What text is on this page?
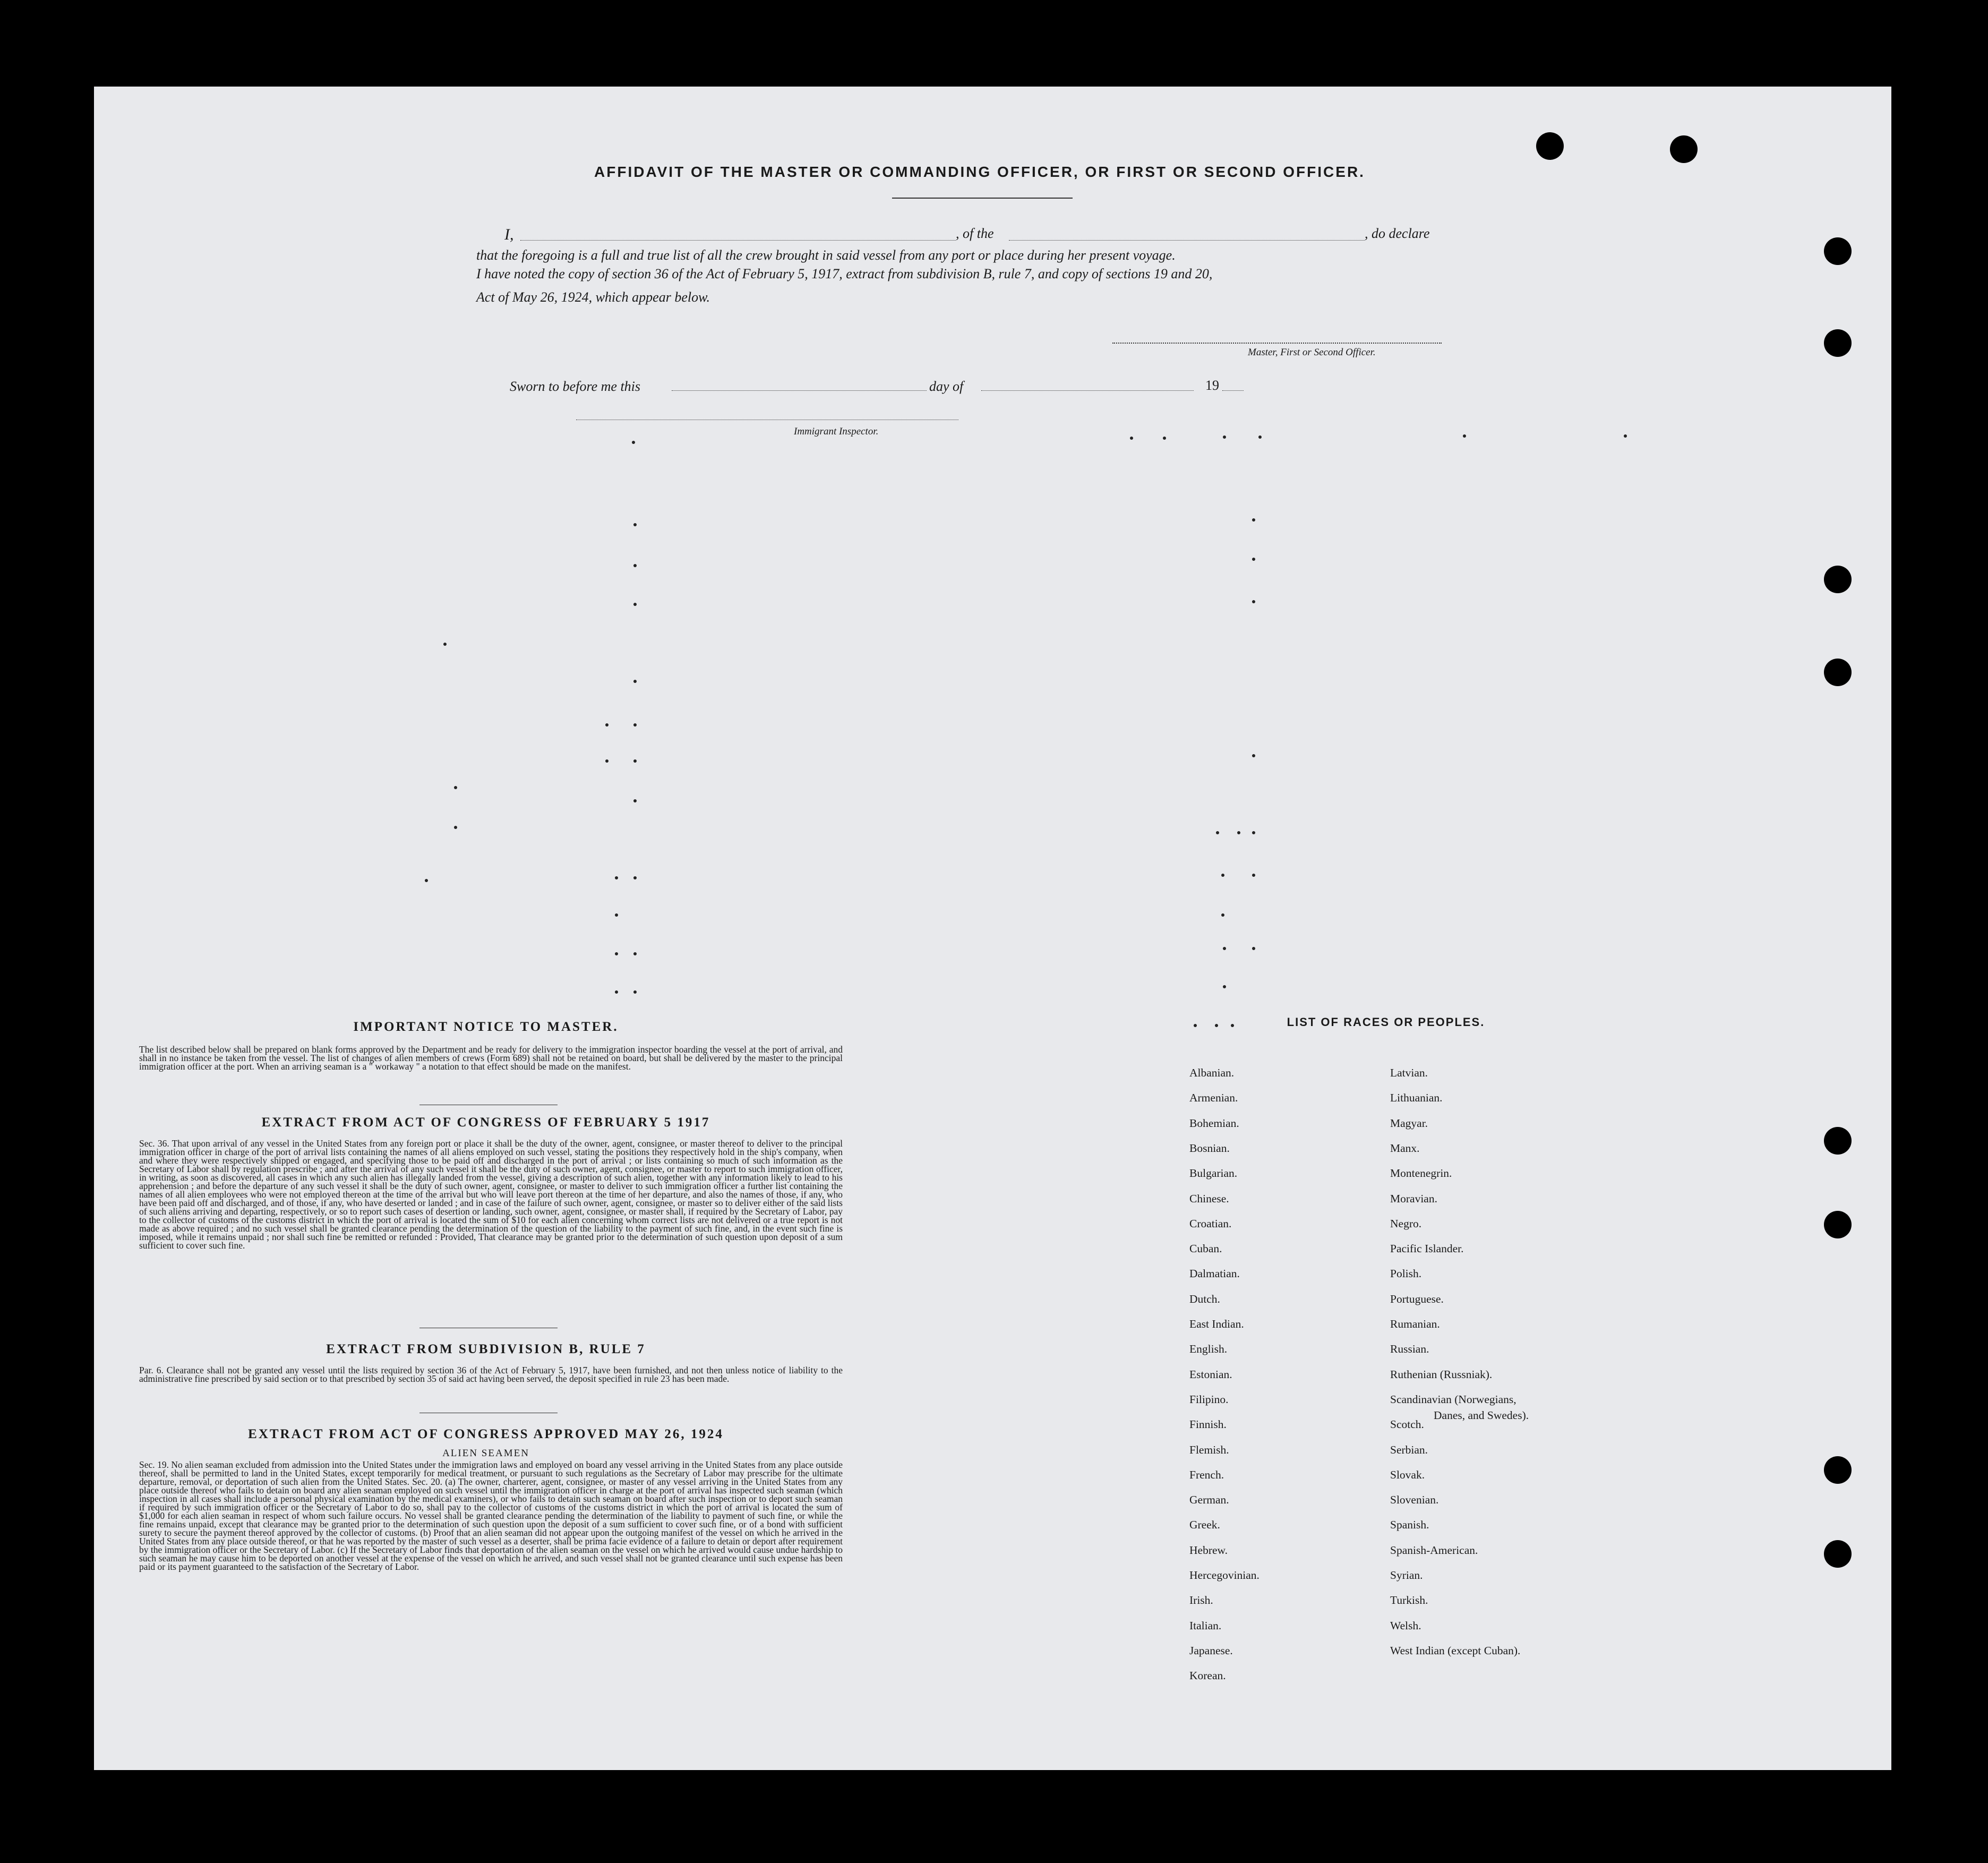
AFFIDAVIT OF THE MASTER OR COMMANDING OFFICER, OR FIRST OR SECOND OFFICER.
I,	, of the	, do declare
that the foregoing is a full and true list of all the crew brought in said vessel from any port or place during her present voyage.
I have noted the copy of section 36 of the Act of February 5, 1917, extract from subdivision B, rule 7, and copy of sections 19 and 20,
Act of May 26, 1924, which appear below.
Master, First or Second Officer.
Sworn to before me this	day of	19
Immigrant Inspector.
IMPORTANT NOTICE TO MASTER.
The list described below shall be prepared on blank forms approved by the Department and be ready for delivery to the immigration inspector boarding the vessel at the port of arrival, and shall in no instance be taken from the vessel. The list of changes of alien members of crews (Form 689) shall not be retained on board, but shall be delivered by the master to the principal immigration officer at the port. When an arriving seaman is a " workaway " a notation to that effect should be made on the manifest.
EXTRACT FROM ACT OF CONGRESS OF FEBRUARY 5 1917
Sec. 36. That upon arrival of any vessel in the United States from any foreign port or place it shall be the duty of the owner, agent, consignee, or master thereof to deliver to the principal immigration officer in charge of the port of arrival lists containing the names of all aliens employed on such vessel, stating the positions they respectively hold in the ship's company, when and where they were respectively shipped or engaged, and specifying those to be paid off and discharged in the port of arrival ; or lists containing so much of such information as the Secretary of Labor shall by regulation prescribe ; and after the arrival of any such vessel it shall be the duty of such owner, agent, consignee, or master to report to such immigration officer, in writing, as soon as discovered, all cases in which any such alien has illegally landed from the vessel, giving a description of such alien, together with any information likely to lead to his apprehension ; and before the departure of any such vessel it shall be the duty of such owner, agent, consignee, or master to deliver to such immigration officer a further list containing the names of all alien employees who were not employed thereon at the time of the arrival but who will leave port thereon at the time of her departure, and also the names of those, if any, who have been paid off and discharged, and of those, if any, who have deserted or landed ; and in case of the failure of such owner, agent, consignee, or master so to deliver either of the said lists of such aliens arriving and departing, respectively, or so to report such cases of desertion or landing, such owner, agent, consignee, or master shall, if required by the Secretary of Labor, pay to the collector of customs of the customs district in which the port of arrival is located the sum of $10 for each alien concerning whom correct lists are not delivered or a true report is not made as above required ; and no such vessel shall be granted clearance pending the determination of the question of the liability to the payment of such fine, and, in the event such fine is imposed, while it remains unpaid ; nor shall such fine be remitted or refunded : Provided, That clearance may be granted prior to the determination of such question upon deposit of a sum sufficient to cover such fine.
EXTRACT FROM SUBDIVISION B, RULE 7
Par. 6. Clearance shall not be granted any vessel until the lists required by section 36 of the Act of February 5, 1917, have been furnished, and not then unless notice of liability to the administrative fine prescribed by said section or to that prescribed by section 35 of said act having been served, the deposit specified in rule 23 has been made.
EXTRACT FROM ACT OF CONGRESS APPROVED MAY 26, 1924
ALIEN SEAMEN
Sec. 19. No alien seaman excluded from admission into the United States under the immigration laws and employed on board any vessel arriving in the United States from any place outside thereof, shall be permitted to land in the United States, except temporarily for medical treatment, or pursuant to such regulations as the Secretary of Labor may prescribe for the ultimate departure, removal, or deportation of such alien from the United States. Sec. 20. (a) The owner, charterer, agent, consignee, or master of any vessel arriving in the United States from any place outside thereof who fails to detain on board any alien seaman employed on such vessel until the immigration officer in charge at the port of arrival has inspected such seaman (which inspection in all cases shall include a personal physical examination by the medical examiners), or who fails to detain such seaman on board after such inspection or to deport such seaman if required by such immigration officer or the Secretary of Labor to do so, shall pay to the collector of customs of the customs district in which the port of arrival is located the sum of $1,000 for each alien seaman in respect of whom such failure occurs. No vessel shall be granted clearance pending the determination of the liability to payment of such fine, or while the fine remains unpaid, except that clearance may be granted prior to the determination of such question upon the deposit of a sum sufficient to cover such fine, or of a bond with sufficient surety to secure the payment thereof approved by the collector of customs. (b) Proof that an alien seaman did not appear upon the outgoing manifest of the vessel on which he arrived in the United States from any place outside thereof, or that he was reported by the master of such vessel as a deserter, shall be prima facie evidence of a failure to detain or deport after requirement by the immigration officer or the Secretary of Labor. (c) If the Secretary of Labor finds that deportation of the alien seaman on the vessel on which he arrived would cause undue hardship to such seaman he may cause him to be deported on another vessel at the expense of the vessel on which he arrived, and such vessel shall not be granted clearance until such expense has been paid or its payment guaranteed to the satisfaction of the Secretary of Labor.
LIST OF RACES OR PEOPLES.
Albanian.
Armenian.
Bohemian.
Bosnian.
Bulgarian.
Chinese.
Croatian.
Cuban.
Dalmatian.
Dutch.
East Indian.
English.
Estonian.
Filipino.
Finnish.
Flemish.
French.
German.
Greek.
Hebrew.
Hercegovinian.
Irish.
Italian.
Japanese.
Korean.
Latvian.
Lithuanian.
Magyar.
Manx.
Montenegrin.
Moravian.
Negro.
Pacific Islander.
Polish.
Portuguese.
Rumanian.
Russian.
Ruthenian (Russniak).
Scandinavian (Norwegians,
Danes, and Swedes).
Scotch.
Serbian.
Slovak.
Slovenian.
Spanish.
Spanish-American.
Syrian.
Turkish.
Welsh.
West Indian (except Cuban).
